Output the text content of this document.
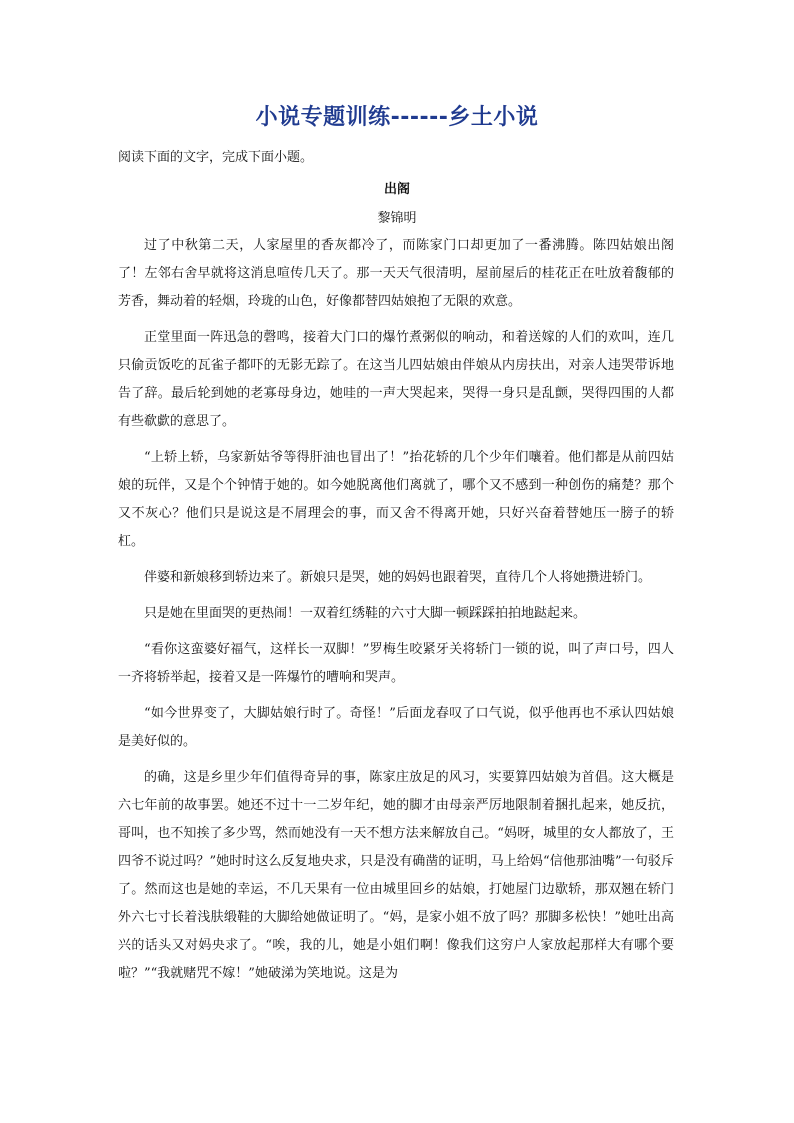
小说专题训练------乡土小说
阅读下面的文字，完成下面小题。
出阁
黎锦明

过了中秋第二天，人家屋里的香灰都冷了，而陈家门口却更加了一番沸腾。陈四姑娘出阁了！左邻右舍早就将这消息喧传几天了。那一天天气很清明，屋前屋后的桂花正在吐放着馥郁的芳香，舞动着的轻烟，玲珑的山色，好像都替四姑娘抱了无限的欢意。

正堂里面一阵迅急的磬鸣，接着大门口的爆竹煮粥似的响动，和着送嫁的人们的欢叫，连几只偷贡饭吃的瓦雀子都吓的无影无踪了。在这当儿四姑娘由伴娘从内房扶出，对亲人违哭带诉地告了辞。最后轮到她的老寡母身边，她哇的一声大哭起来，哭得一身只是乱颤，哭得四围的人都有些欷歔的意思了。

“上轿上轿，乌家新姑爷等得肝油也冒出了！”抬花轿的几个少年们嚷着。他们都是从前四姑娘的玩伴，又是个个钟情于她的。如今她脱离他们离就了，哪个又不感到一种创伤的痛楚？那个又不灰心？他们只是说这是不屑理会的事，而又舍不得离开她，只好兴奋着替她压一膀子的轿杠。

伴婆和新娘移到轿边来了。新娘只是哭，她的妈妈也跟着哭，直待几个人将她攒进轿门。

只是她在里面哭的更热闹！一双着红绣鞋的六寸大脚一顿踩踩拍拍地跶起来。

“看你这蛮婆好福气，这样长一双脚！”罗梅生咬紧牙关将轿门一锁的说，叫了声口号，四人一齐将轿举起，接着又是一阵爆竹的嘈响和哭声。

“如今世界变了，大脚姑娘行时了。奇怪！”后面龙春叹了口气说，似乎他再也不承认四姑娘是美好似的。

的确，这是乡里少年们值得奇异的事，陈家庄放足的风习，实要算四姑娘为首倡。这大概是六七年前的故事罢。她还不过十一二岁年纪，她的脚才由母亲严厉地限制着捆扎起来，她反抗，哥叫，也不知挨了多少骂，然而她没有一天不想方法来解放自己。“妈呀，城里的女人都放了，王四爷不说过吗？”她时时这么反复地央求，只是没有确凿的证明，马上给妈“信他那油嘴”一句驳斥了。然而这也是她的幸运，不几天果有一位由城里回乡的姑娘，打她屋门边歇轿，那双翘在轿门外六七寸长着浅肤缎鞋的大脚给她做证明了。“妈，是家小姐不放了吗？那脚多松快！”她吐出高兴的话头又对妈央求了。“唉，我的儿，她是小姐们啊！像我们这穷户人家放起那样大有哪个要啦？”“我就赌咒不嫁！”她破涕为笑地说。这是为
